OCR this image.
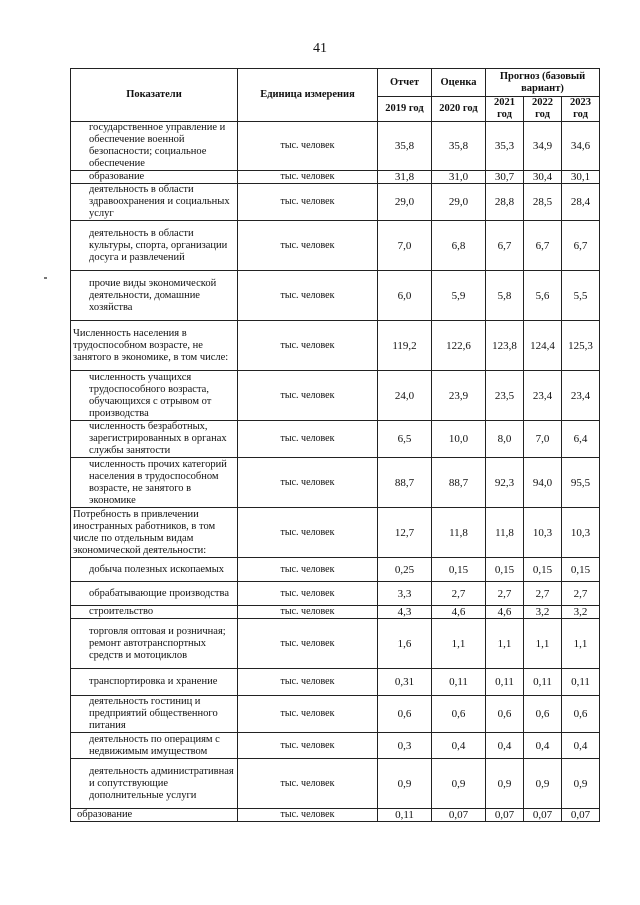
41
Показатели	Единица измерения	Отчет	Оценка	Прогноз (базовый вариант)		
		2019 год	2020 год	2021 год	2022 год	2023 год
государственное управление и обеспечение военной безопасности; социальное обеспечение	тыс. человек	35,8	35,8	35,3	34,9	34,6
образование	тыс. человек	31,8	31,0	30,7	30,4	30,1
деятельность в области здравоохранения и социальных услуг	тыс. человек	29,0	29,0	28,8	28,5	28,4
деятельность в области культуры, спорта, организации досуга и развлечений	тыс. человек	7,0	6,8	6,7	6,7	6,7
прочие виды экономической деятельности, домашние хозяйства	тыс. человек	6,0	5,9	5,8	5,6	5,5
Численность населения в трудоспособном возрасте, не занятого в экономике, в том числе:	тыс. человек	119,2	122,6	123,8	124,4	125,3
численность учащихся трудоспособного возраста, обучающихся с отрывом от производства	тыс. человек	24,0	23,9	23,5	23,4	23,4
численность безработных, зарегистрированных в органах службы занятости	тыс. человек	6,5	10,0	8,0	7,0	6,4
численность прочих категорий населения в трудоспособном возрасте, не занятого в экономике	тыс. человек	88,7	88,7	92,3	94,0	95,5
Потребность в привлечении иностранных работников, в том числе по отдельным видам экономической деятельности:	тыс. человек	12,7	11,8	11,8	10,3	10,3
добыча полезных ископаемых	тыс. человек	0,25	0,15	0,15	0,15	0,15
обрабатывающие производства	тыс. человек	3,3	2,7	2,7	2,7	2,7
строительство	тыс. человек	4,3	4,6	4,6	3,2	3,2
торговля оптовая и розничная; ремонт автотранспортных средств и мотоциклов	тыс. человек	1,6	1,1	1,1	1,1	1,1
транспортировка и хранение	тыс. человек	0,31	0,11	0,11	0,11	0,11
деятельность гостиниц и предприятий общественного питания	тыс. человек	0,6	0,6	0,6	0,6	0,6
деятельность по операциям с недвижимым имуществом	тыс. человек	0,3	0,4	0,4	0,4	0,4
деятельность административная и сопутствующие дополнительные услуги	тыс. человек	0,9	0,9	0,9	0,9	0,9
образование	тыс. человек	0,11	0,07	0,07	0,07	0,07
